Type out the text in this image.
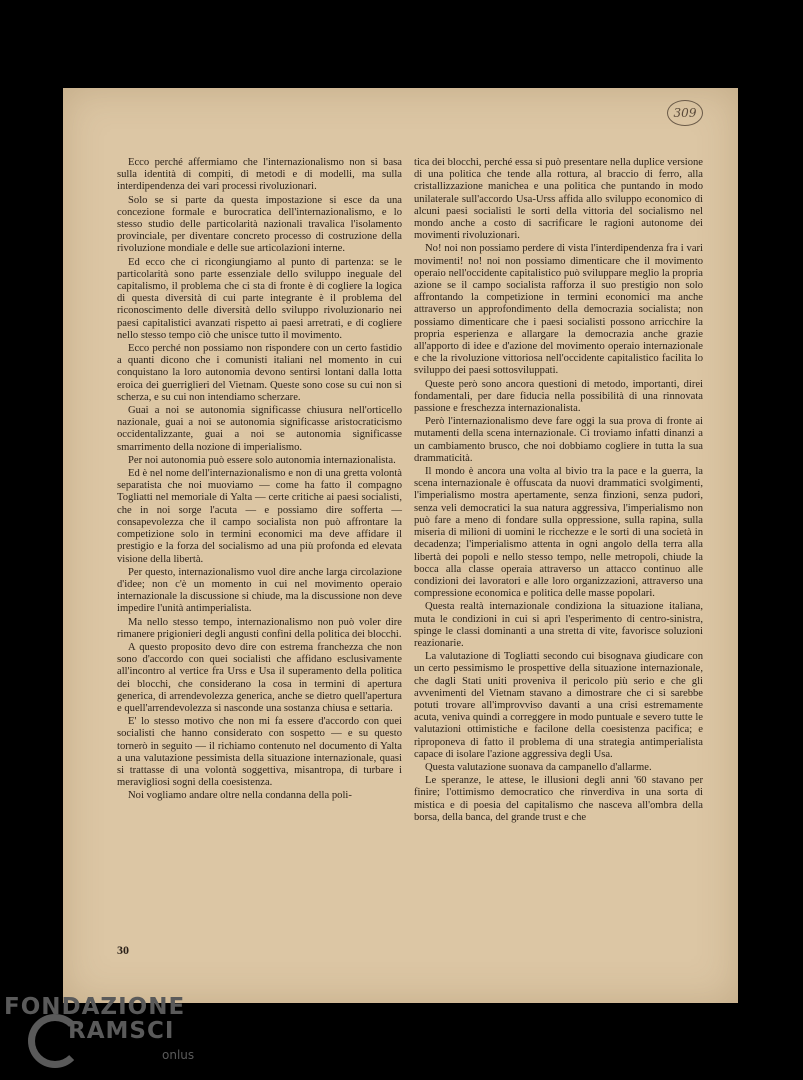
309

Ecco perché affermiamo che l'internazionalismo non si basa sulla identità di compiti, di metodi e di modelli, ma sulla interdipendenza dei vari processi rivoluzionari.

Solo se si parte da questa impostazione si esce da una concezione formale e burocratica dell'internazionalismo, e lo stesso studio delle particolarità nazionali travalica l'isolamento provinciale, per diventare concreto processo di costruzione della rivoluzione mondiale e delle sue articolazioni interne.

Ed ecco che ci ricongiungiamo al punto di partenza: se le particolarità sono parte essenziale dello sviluppo ineguale del capitalismo, il problema che ci sta di fronte è di cogliere la logica di questa diversità di cui parte integrante è il problema del riconoscimento delle diversità dello sviluppo rivoluzionario nei paesi capitalistici avanzati rispetto ai paesi arretrati, e di cogliere nello stesso tempo ciò che unisce tutto il movimento.

Ecco perché non possiamo non rispondere con un certo fastidio a quanti dicono che i comunisti italiani nel momento in cui conquistano la loro autonomia devono sentirsi lontani dalla lotta eroica dei guerriglieri del Vietnam. Queste sono cose su cui non si scherza, e su cui non intendiamo scherzare.

Guai a noi se autonomia significasse chiusura nell'orticello nazionale, guai a noi se autonomia significasse aristocraticismo occidentalizzante, guai a noi se autonomia significasse smarrimento della nozione di imperialismo.

Per noi autonomia può essere solo autonomia internazionalista.

Ed è nel nome dell'internazionalismo e non di una gretta volontà separatista che noi muoviamo — come ha fatto il compagno Togliatti nel memoriale di Yalta — certe critiche ai paesi socialisti, che in noi sorge l'acuta — e possiamo dire sofferta — consapevolezza che il campo socialista non può affrontare la competizione solo in termini economici ma deve affidare il prestigio e la forza del socialismo ad una più profonda ed elevata visione della libertà.

Per questo, internazionalismo vuol dire anche larga circolazione d'idee; non c'è un momento in cui nel movimento operaio internazionale la discussione si chiude, ma la discussione non deve impedire l'unità antimperialista.

Ma nello stesso tempo, internazionalismo non può voler dire rimanere prigionieri degli angusti confini della politica dei blocchi.

A questo proposito devo dire con estrema franchezza che non sono d'accordo con quei socialisti che affidano esclusivamente all'incontro al vertice fra Urss e Usa il superamento della politica dei blocchi, che considerano la cosa in termini di apertura generica, di arrendevolezza generica, anche se dietro quell'apertura e quell'arrendevolezza si nasconde una sostanza chiusa e settaria.

E' lo stesso motivo che non mi fa essere d'accordo con quei socialisti che hanno considerato con sospetto — e su questo tornerò in seguito — il richiamo contenuto nel documento di Yalta a una valutazione pessimista della situazione internazionale, quasi si trattasse di una volontà soggettiva, misantropa, di turbare i meravigliosi sogni della coesistenza.

Noi vogliamo andare oltre nella condanna della poli-

tica dei blocchi, perché essa si può presentare nella duplice versione di una politica che tende alla rottura, al braccio di ferro, alla cristallizzazione manichea e una politica che puntando in modo unilaterale sull'accordo Usa-Urss affida allo sviluppo economico di alcuni paesi socialisti le sorti della vittoria del socialismo nel mondo anche a costo di sacrificare le ragioni autonome dei movimenti rivoluzionari.

No! noi non possiamo perdere di vista l'interdipendenza fra i vari movimenti! no! noi non possiamo dimenticare che il movimento operaio nell'occidente capitalistico può sviluppare meglio la propria azione se il campo socialista rafforza il suo prestigio non solo affrontando la competizione in termini economici ma anche attraverso un approfondimento della democrazia socialista; non possiamo dimenticare che i paesi socialisti possono arricchire la propria esperienza e allargare la democrazia anche grazie all'apporto di idee e d'azione del movimento operaio internazionale e che la rivoluzione vittoriosa nell'occidente capitalistico facilita lo sviluppo dei paesi sottosviluppati.

Queste però sono ancora questioni di metodo, importanti, direi fondamentali, per dare fiducia nella possibilità di una rinnovata passione e freschezza internazionalista.

Però l'internazionalismo deve fare oggi la sua prova di fronte ai mutamenti della scena internazionale. Ci troviamo infatti dinanzi a un cambiamento brusco, che noi dobbiamo cogliere in tutta la sua drammaticità.

Il mondo è ancora una volta al bivio tra la pace e la guerra, la scena internazionale è offuscata da nuovi drammatici svolgimenti, l'imperialismo mostra apertamente, senza finzioni, senza pudori, senza veli democratici la sua natura aggressiva, l'imperialismo non può fare a meno di fondare sulla oppressione, sulla rapina, sulla miseria di milioni di uomini le ricchezze e le sorti di una società in decadenza; l'imperialismo attenta in ogni angolo della terra alla libertà dei popoli e nello stesso tempo, nelle metropoli, chiude la bocca alla classe operaia attraverso un attacco continuo alle condizioni dei lavoratori e alle loro organizzazioni, attraverso una compressione economica e politica delle masse popolari.

Questa realtà internazionale condiziona la situazione italiana, muta le condizioni in cui si aprì l'esperimento di centro-sinistra, spinge le classi dominanti a una stretta di vite, favorisce soluzioni reazionarie.

La valutazione di Togliatti secondo cui bisognava giudicare con un certo pessimismo le prospettive della situazione internazionale, che dagli Stati uniti proveniva il pericolo più serio e che gli avvenimenti del Vietnam stavano a dimostrare che ci si sarebbe potuti trovare all'improvviso davanti a una crisi estremamente acuta, veniva quindi a correggere in modo puntuale e severo tutte le valutazioni ottimistiche e facilone della coesistenza pacifica; e riproponeva di fatto il problema di una strategia antimperialista capace di isolare l'azione aggressiva degli Usa.

Questa valutazione suonava da campanello d'allarme.

Le speranze, le attese, le illusioni degli anni '60 stavano per finire; l'ottimismo democratico che rinverdiva in una sorta di mistica e di poesia del capitalismo che nasceva all'ombra della borsa, della banca, del grande trust e che

30
FONDAZIONE
RAMSCI
onlus
